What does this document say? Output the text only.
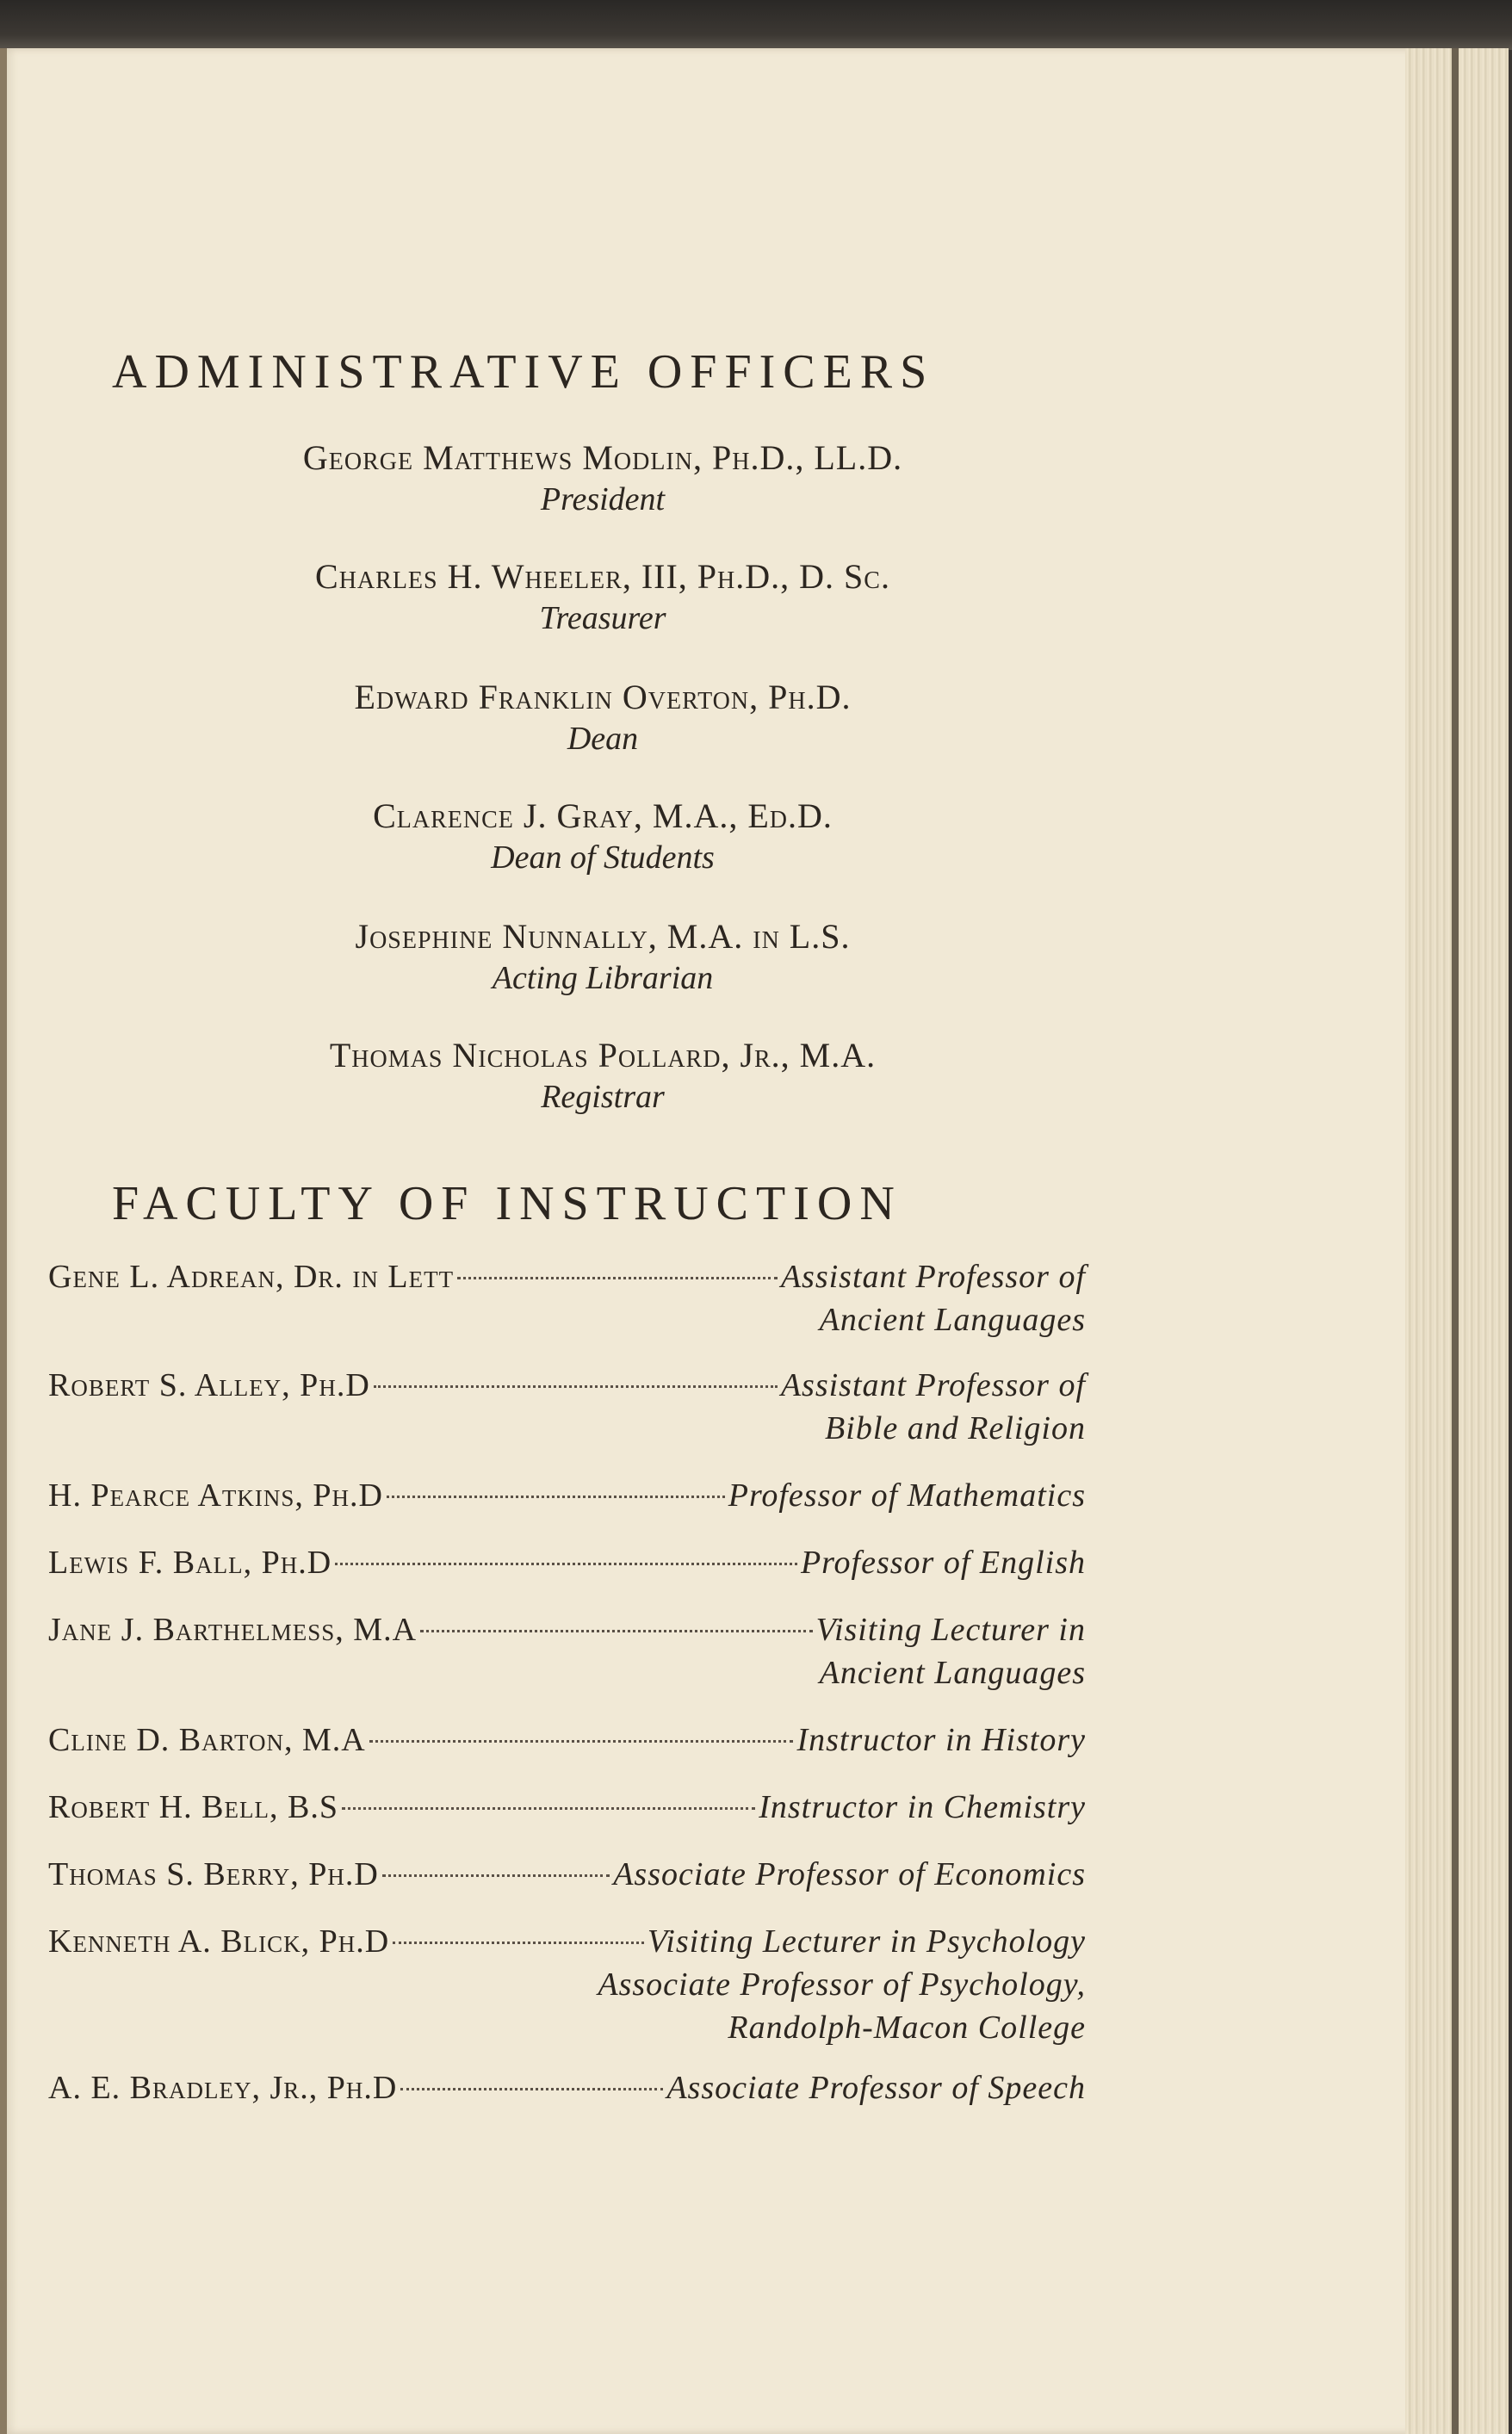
ADMINISTRATIVE OFFICERS
George Matthews Modlin, Ph.D., LL.D.
President
Charles H. Wheeler, III, Ph.D., D. Sc.
Treasurer
Edward Franklin Overton, Ph.D.
Dean
Clarence J. Gray, M.A., Ed.D.
Dean of Students
Josephine Nunnally, M.A. in L.S.
Acting Librarian
Thomas Nicholas Pollard, Jr., M.A.
Registrar
FACULTY OF INSTRUCTION
Gene L. Adrean, Dr. in Lett	Assistant Professor of
Ancient Languages
Robert S. Alley, Ph.D	Assistant Professor of
Bible and Religion
H. Pearce Atkins, Ph.D	Professor of Mathematics
Lewis F. Ball, Ph.D	Professor of English
Jane J. Barthelmess, M.A	Visiting Lecturer in
Ancient Languages
Cline D. Barton, M.A	Instructor in History
Robert H. Bell, B.S	Instructor in Chemistry
Thomas S. Berry, Ph.D	Associate Professor of Economics
Kenneth A. Blick, Ph.D	Visiting Lecturer in Psychology
Associate Professor of Psychology,
Randolph-Macon College
A. E. Bradley, Jr., Ph.D	Associate Professor of Speech
